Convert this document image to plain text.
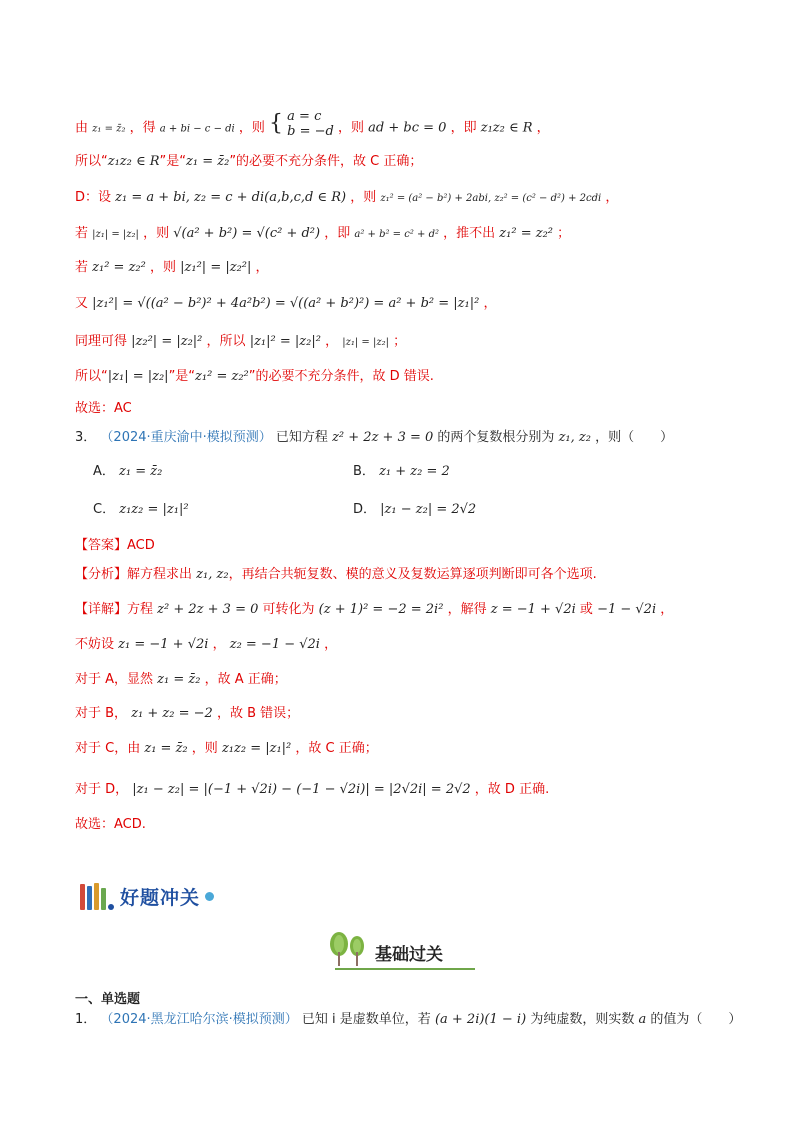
由 z₁ = z̄₂ ，得 a + bi − c − di ，则 { a = c
b = −d ，则 ad + bc = 0 ，即 z₁z₂ ∈ R ，
所以“z₁z₂ ∈ R”是“z₁ = z̄₂”的必要不充分条件，故 C 正确；
D：设 z₁ = a + bi, z₂ = c + di(a,b,c,d ∈ R) ，则 z₁² = (a² − b²) + 2abi, z₂² = (c² − d²) + 2cdi ，
若 |z₁| = |z₂| ，则 √(a² + b²) = √(c² + d²) ，即 a² + b² = c² + d² ，推不出 z₁² = z₂² ；
若 z₁² = z₂² ，则 |z₁²| = |z₂²| ，
又 |z₁²| = √((a² − b²)² + 4a²b²) = √((a² + b²)²) = a² + b² = |z₁|² ，
同理可得 |z₂²| = |z₂|² ，所以 |z₁|² = |z₂|² ， |z₁| = |z₂| ；
所以“|z₁| = |z₂|”是“z₁² = z₂²”的必要不充分条件，故 D 错误.
故选：AC
3． （2024·重庆渝中·模拟预测） 已知方程 z² + 2z + 3 = 0 的两个复数根分别为 z₁, z₂ ，则（　　）
A． z₁ = z̄₂	B． z₁ + z₂ = 2
C． z₁z₂ = |z₁|²	D． |z₁ − z₂| = 2√2
【答案】ACD
【分析】解方程求出 z₁, z₂，再结合共轭复数、模的意义及复数运算逐项判断即可各个选项.
【详解】方程 z² + 2z + 3 = 0 可转化为 (z + 1)² = −2 = 2i² ，解得 z = −1 + √2i 或 −1 − √2i ，
不妨设 z₁ = −1 + √2i ， z₂ = −1 − √2i ，
对于 A，显然 z₁ = z̄₂ ，故 A 正确；
对于 B， z₁ + z₂ = −2 ，故 B 错误；
对于 C，由 z₁ = z̄₂ ，则 z₁z₂ = |z₁|² ，故 C 正确；
对于 D， |z₁ − z₂| = |(−1 + √2i) − (−1 − √2i)| = |2√2i| = 2√2 ，故 D 正确.
故选：ACD.
好题冲关
基础过关
一、单选题
1． （2024·黑龙江哈尔滨·模拟预测） 已知 i 是虚数单位，若 (a + 2i)(1 − i) 为纯虚数，则实数 a 的值为（　　）
